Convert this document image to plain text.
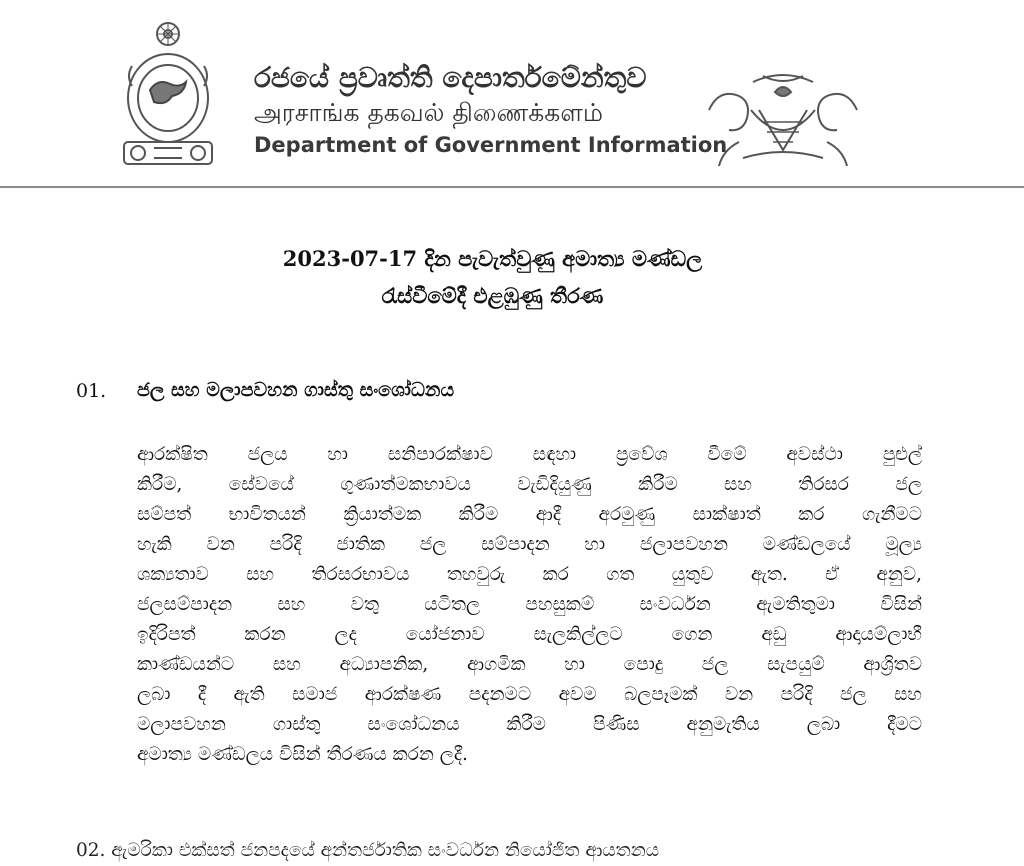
රජයේ ප්‍රවෘත්ති දෙපාර්තමේන්තුව
அரசாங்க தகவல் திணைக்களம்
Department of Government Information
2023-07-17 දින පැවැත්වුණු අමාත්‍ය මණ්ඩල
රැස්වීමේදී එළඹුණු තීරණ
01. ජල සහ මලාපවහන ගාස්තු සංශෝධනය
ආරක්ෂිත ජලය හා සනිපාරක්ෂාව සඳහා ප්‍රවේශ වීමේ අවස්ථා පුළුල්
කිරීම, සේවයේ ගුණාත්මකභාවය වැඩිදියුණු කිරීම සහ තිරසර ජල
සම්පත් භාවිතයන් ක්‍රියාත්මක කිරීම ආදී අරමුණු සාක්ෂාත් කර ගැනීමට
හැකි වන පරිදි ජාතික ජල සම්පාදන හා ජලාපවහන මණ්ඩලයේ මූල්‍ය
ශක්‍යතාව සහ තිරසරභාවය තහවුරු කර ගත යුතුව ඇත. ඒ අනුව,
ජලසම්පාදන සහ වතු යටිතල පහසුකම් සංවර්ධන ඇමතිතුමා විසින්
ඉදිරිපත් කරන ලද යෝජනාව සැලකිල්ලට ගෙන අඩු ආදායම්ලාභී
කාණ්ඩයන්ට සහ අධ්‍යාපනික, ආගමික හා පොදු ජල සැපයුම් ආශ්‍රිතව
ලබා දී ඇති සමාජ ආරක්ෂණ පදනමට අවම බලපෑමක් වන පරිදි ජල සහ
මලාපවහන ගාස්තු සංශෝධනය කිරීම පිණිස අනුමැතිය ලබා දීමට
අමාත්‍ය මණ්ඩලය විසින් තීරණය කරන ලදී.
02. ඇමරිකා එක්සත් ජනපදයේ අන්තර්ජාතික සංවර්ධන නියෝජිත ආයතනය
